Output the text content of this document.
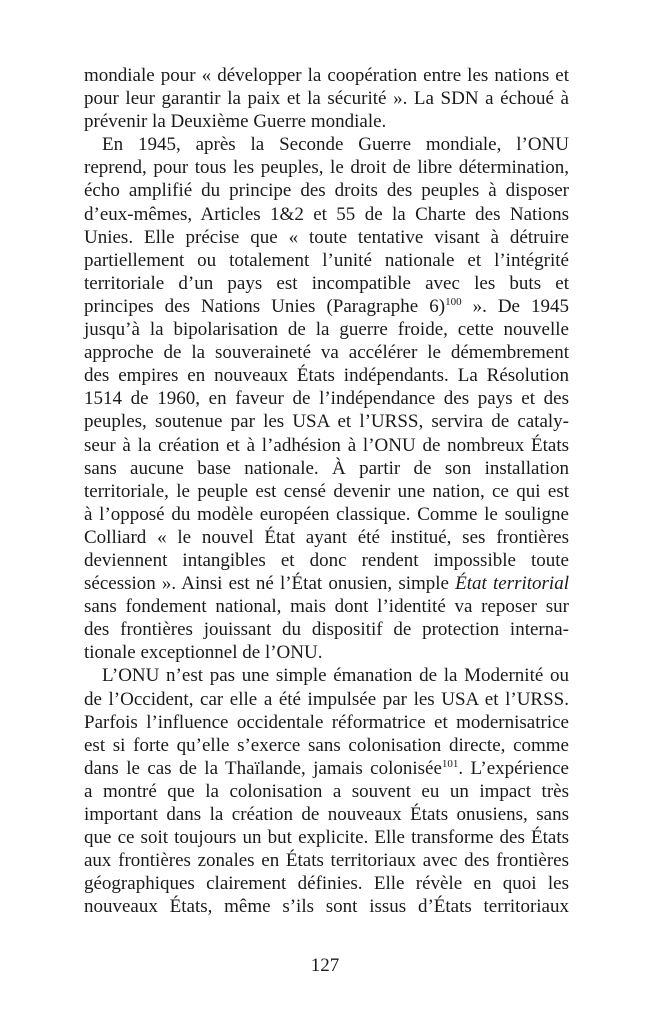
mondiale pour « développer la coopération entre les nations et
pour leur garantir la paix et la sécurité ». La SDN a échoué à
prévenir la Deuxième Guerre mondiale.
En 1945, après la Seconde Guerre mondiale, l’ONU
reprend, pour tous les peuples, le droit de libre détermination,
écho amplifié du principe des droits des peuples à disposer
d’eux-mêmes, Articles 1&2 et 55 de la Charte des Nations
Unies. Elle précise que « toute tentative visant à détruire
partiellement ou totalement l’unité nationale et l’intégrité
territoriale d’un pays est incompatible avec les buts et
principes des Nations Unies (Paragraphe 6)$^{100}$ ». De 1945
jusqu’à la bipolarisation de la guerre froide, cette nouvelle
approche de la souveraineté va accélérer le démembrement
des empires en nouveaux États indépendants. La Résolution
1514 de 1960, en faveur de l’indépendance des pays et des
peuples, soutenue par les USA et l’URSS, servira de cataly-
seur à la création et à l’adhésion à l’ONU de nombreux États
sans aucune base nationale. À partir de son installation
territoriale, le peuple est censé devenir une nation, ce qui est
à l’opposé du modèle européen classique. Comme le souligne
Colliard « le nouvel État ayant été institué, ses frontières
deviennent intangibles et donc rendent impossible toute
sécession ». Ainsi est né l’État onusien, simple État territorial
sans fondement national, mais dont l’identité va reposer sur
des frontières jouissant du dispositif de protection interna-
tionale exceptionnel de l’ONU.
L’ONU n’est pas une simple émanation de la Modernité ou
de l’Occident, car elle a été impulsée par les USA et l’URSS.
Parfois l’influence occidentale réformatrice et modernisatrice
est si forte qu’elle s’exerce sans colonisation directe, comme
dans le cas de la Thaïlande, jamais colonisée$^{101}$. L’expérience
a montré que la colonisation a souvent eu un impact très
important dans la création de nouveaux États onusiens, sans
que ce soit toujours un but explicite. Elle transforme des États
aux frontières zonales en États territoriaux avec des frontières
géographiques clairement définies. Elle révèle en quoi les
nouveaux États, même s’ils sont issus d’États territoriaux
127
